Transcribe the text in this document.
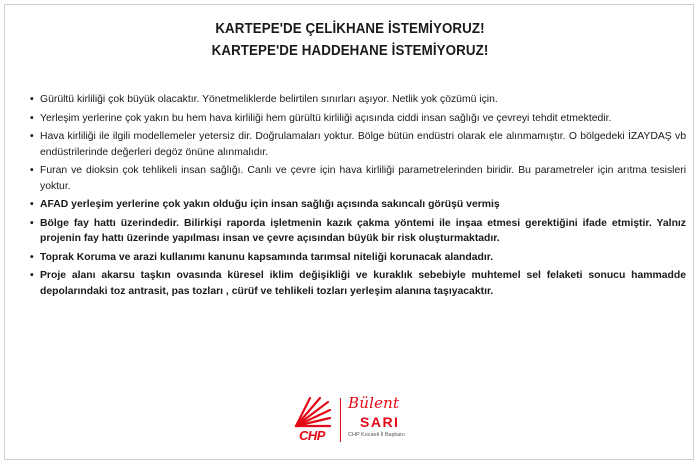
KARTEPE'DE ÇELİKHANE İSTEMİYORUZ!
KARTEPE'DE HADDEHANE İSTEMİYORUZ!
• Gürültü kirliliği çok büyük olacaktır. Yönetmeliklerde belirtilen sınırları aşıyor. Netlik yok çözümü için.
• Yerleşim yerlerine çok yakın bu hem hava kirliliği hem gürültü kirliliği açısında ciddi insan sağlığı ve çevreyi tehdit etmektedir.
• Hava kirliliği ile ilgili modellemeler yetersiz dir. Doğrulamaları yoktur. Bölge bütün endüstri olarak ele alınmamıştır. O bölgedeki İZAYDAŞ vb endüstrilerinde değerleri degöz önüne alınmalıdır.
• Furan ve dioksin çok tehlikeli insan sağlığı. Canlı ve çevre için hava kirliliği parametrelerinden biridir. Bu parametreler için arıtma tesisleri yoktur.
• AFAD yerleşim yerlerine çok yakın olduğu için insan sağlığı açısında sakıncalı görüşü vermiş
• Bölge fay hattı üzerindedir. Bilirkişi raporda işletmenin kazık çakma yöntemi ile inşaa etmesi gerektiğini ifade etmiştir. Yalnız projenin fay hattı üzerinde yapılması insan ve çevre açısından büyük bir risk oluşturmaktadır.
• Toprak Koruma ve arazi kullanımı kanunu kapsamında tarımsal niteliği korunacak alandadır.
• Proje alanı akarsu taşkın ovasında küresel iklim değişikliği ve kuraklık sebebiyle muhtemel sel felaketi sonucu hammadde depolarındaki toz antrasit, pas tozları , cürüf ve tehlikeli tozları yerleşim alanına taşıyacaktır.
CHP
Bülent
SARI
CHP Kocaeli İl Başkanı
